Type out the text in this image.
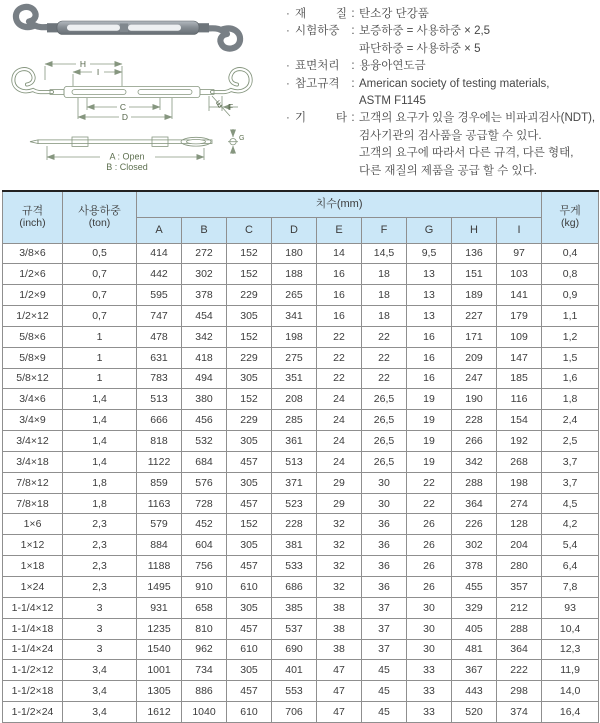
H
I
C
D
E F
A : Open
B : Closed
G
· 재 질 : 탄소강 단강품
· 시험하중	: 보증하중 = 사용하중 × 2,5
파단하중 = 사용하중 × 5
· 표면처리	: 용융아연도금
· 참고규격	: American society of testing materials,
ASTM F1145
· 기 타 : 고객의 요구가 있을 경우에는 비파괴검사(NDT),
검사기관의 검사품을 공급할 수 있다.
고객의 요구에 따라서 다른 규격, 다른 형태,
다른 재질의 제품을 공급 할 수 있다.
규격
(inch)	사용하중
(ton)	치수(mm)									무게
(kg)
		A	B	C	D	E	F	G	H	I	
3/8×6	0,5	414	272	152	180	14	14,5	9,5	136	97	0,4
1/2×6	0,7	442	302	152	188	16	18	13	151	103	0,8
1/2×9	0,7	595	378	229	265	16	18	13	189	141	0,9
1/2×12	0,7	747	454	305	341	16	18	13	227	179	1,1
5/8×6	1	478	342	152	198	22	22	16	171	109	1,2
5/8×9	1	631	418	229	275	22	22	16	209	147	1,5
5/8×12	1	783	494	305	351	22	22	16	247	185	1,6
3/4×6	1,4	513	380	152	208	24	26,5	19	190	116	1,8
3/4×9	1,4	666	456	229	285	24	26,5	19	228	154	2,4
3/4×12	1,4	818	532	305	361	24	26,5	19	266	192	2,5
3/4×18	1,4	1122	684	457	513	24	26,5	19	342	268	3,7
7/8×12	1,8	859	576	305	371	29	30	22	288	198	3,7
7/8×18	1,8	1163	728	457	523	29	30	22	364	274	4,5
1×6	2,3	579	452	152	228	32	36	26	226	128	4,2
1×12	2,3	884	604	305	381	32	36	26	302	204	5,4
1×18	2,3	1188	756	457	533	32	36	26	378	280	6,4
1×24	2,3	1495	910	610	686	32	36	26	455	357	7,8
1-1/4×12	3	931	658	305	385	38	37	30	329	212	93
1-1/4×18	3	1235	810	457	537	38	37	30	405	288	10,4
1-1/4×24	3	1540	962	610	690	38	37	30	481	364	12,3
1-1/2×12	3,4	1001	734	305	401	47	45	33	367	222	11,9
1-1/2×18	3,4	1305	886	457	553	47	45	33	443	298	14,0
1-1/2×24	3,4	1612	1040	610	706	47	45	33	520	374	16,4
